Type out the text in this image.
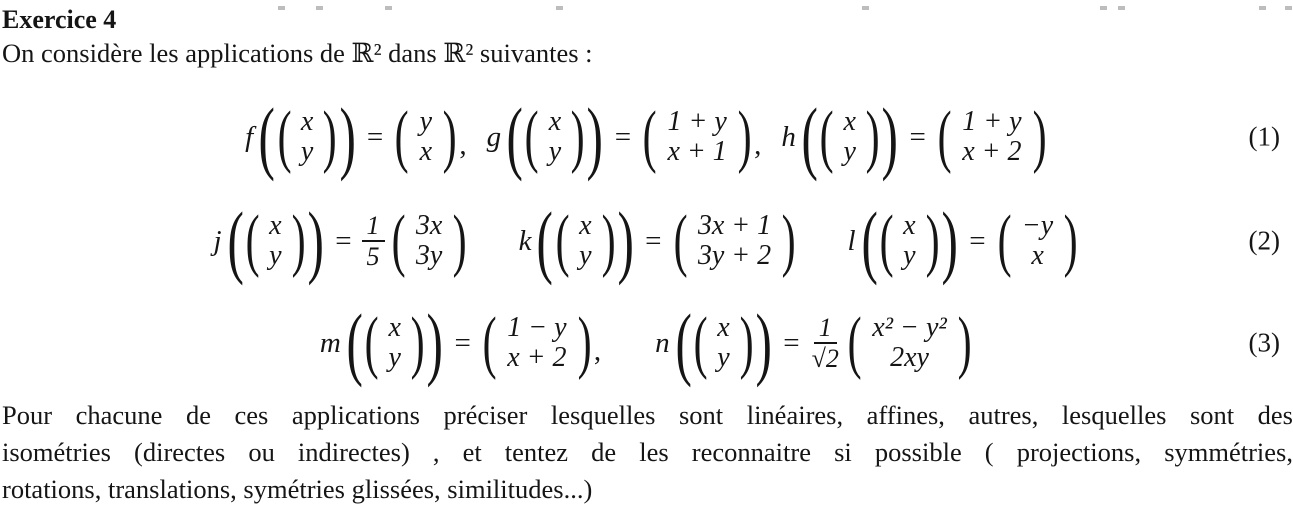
Exercice 4
On considère les applications de ℝ² dans ℝ² suivantes :
f ( ( x
y ) ) = ( y
x ) , g ( ( x
y ) ) = ( 1 + y
x + 1 ) , h ( ( x
y ) ) = ( 1 + y
x + 2 )	(1)
j ( ( x
y ) ) = $\frac{1}{5}$ ( 3x
3y ) k ( ( x
y ) ) = ( 3x + 1
3y + 2 ) l ( ( x
y ) ) = ( −y
x )	(2)
m ( ( x
y ) ) = ( 1 − y
x + 2 ) , n ( ( x
y ) ) = $\frac{1}{√2}$ ( x² − y²
2xy )	(3)
Pour chacune de ces applications préciser lesquelles sont linéaires, affines, autres, lesquelles sont des
isométries (directes ou indirectes) , et tentez de les reconnaitre si possible ( projections, symmétries,
rotations, translations, symétries glissées, similitudes...)
